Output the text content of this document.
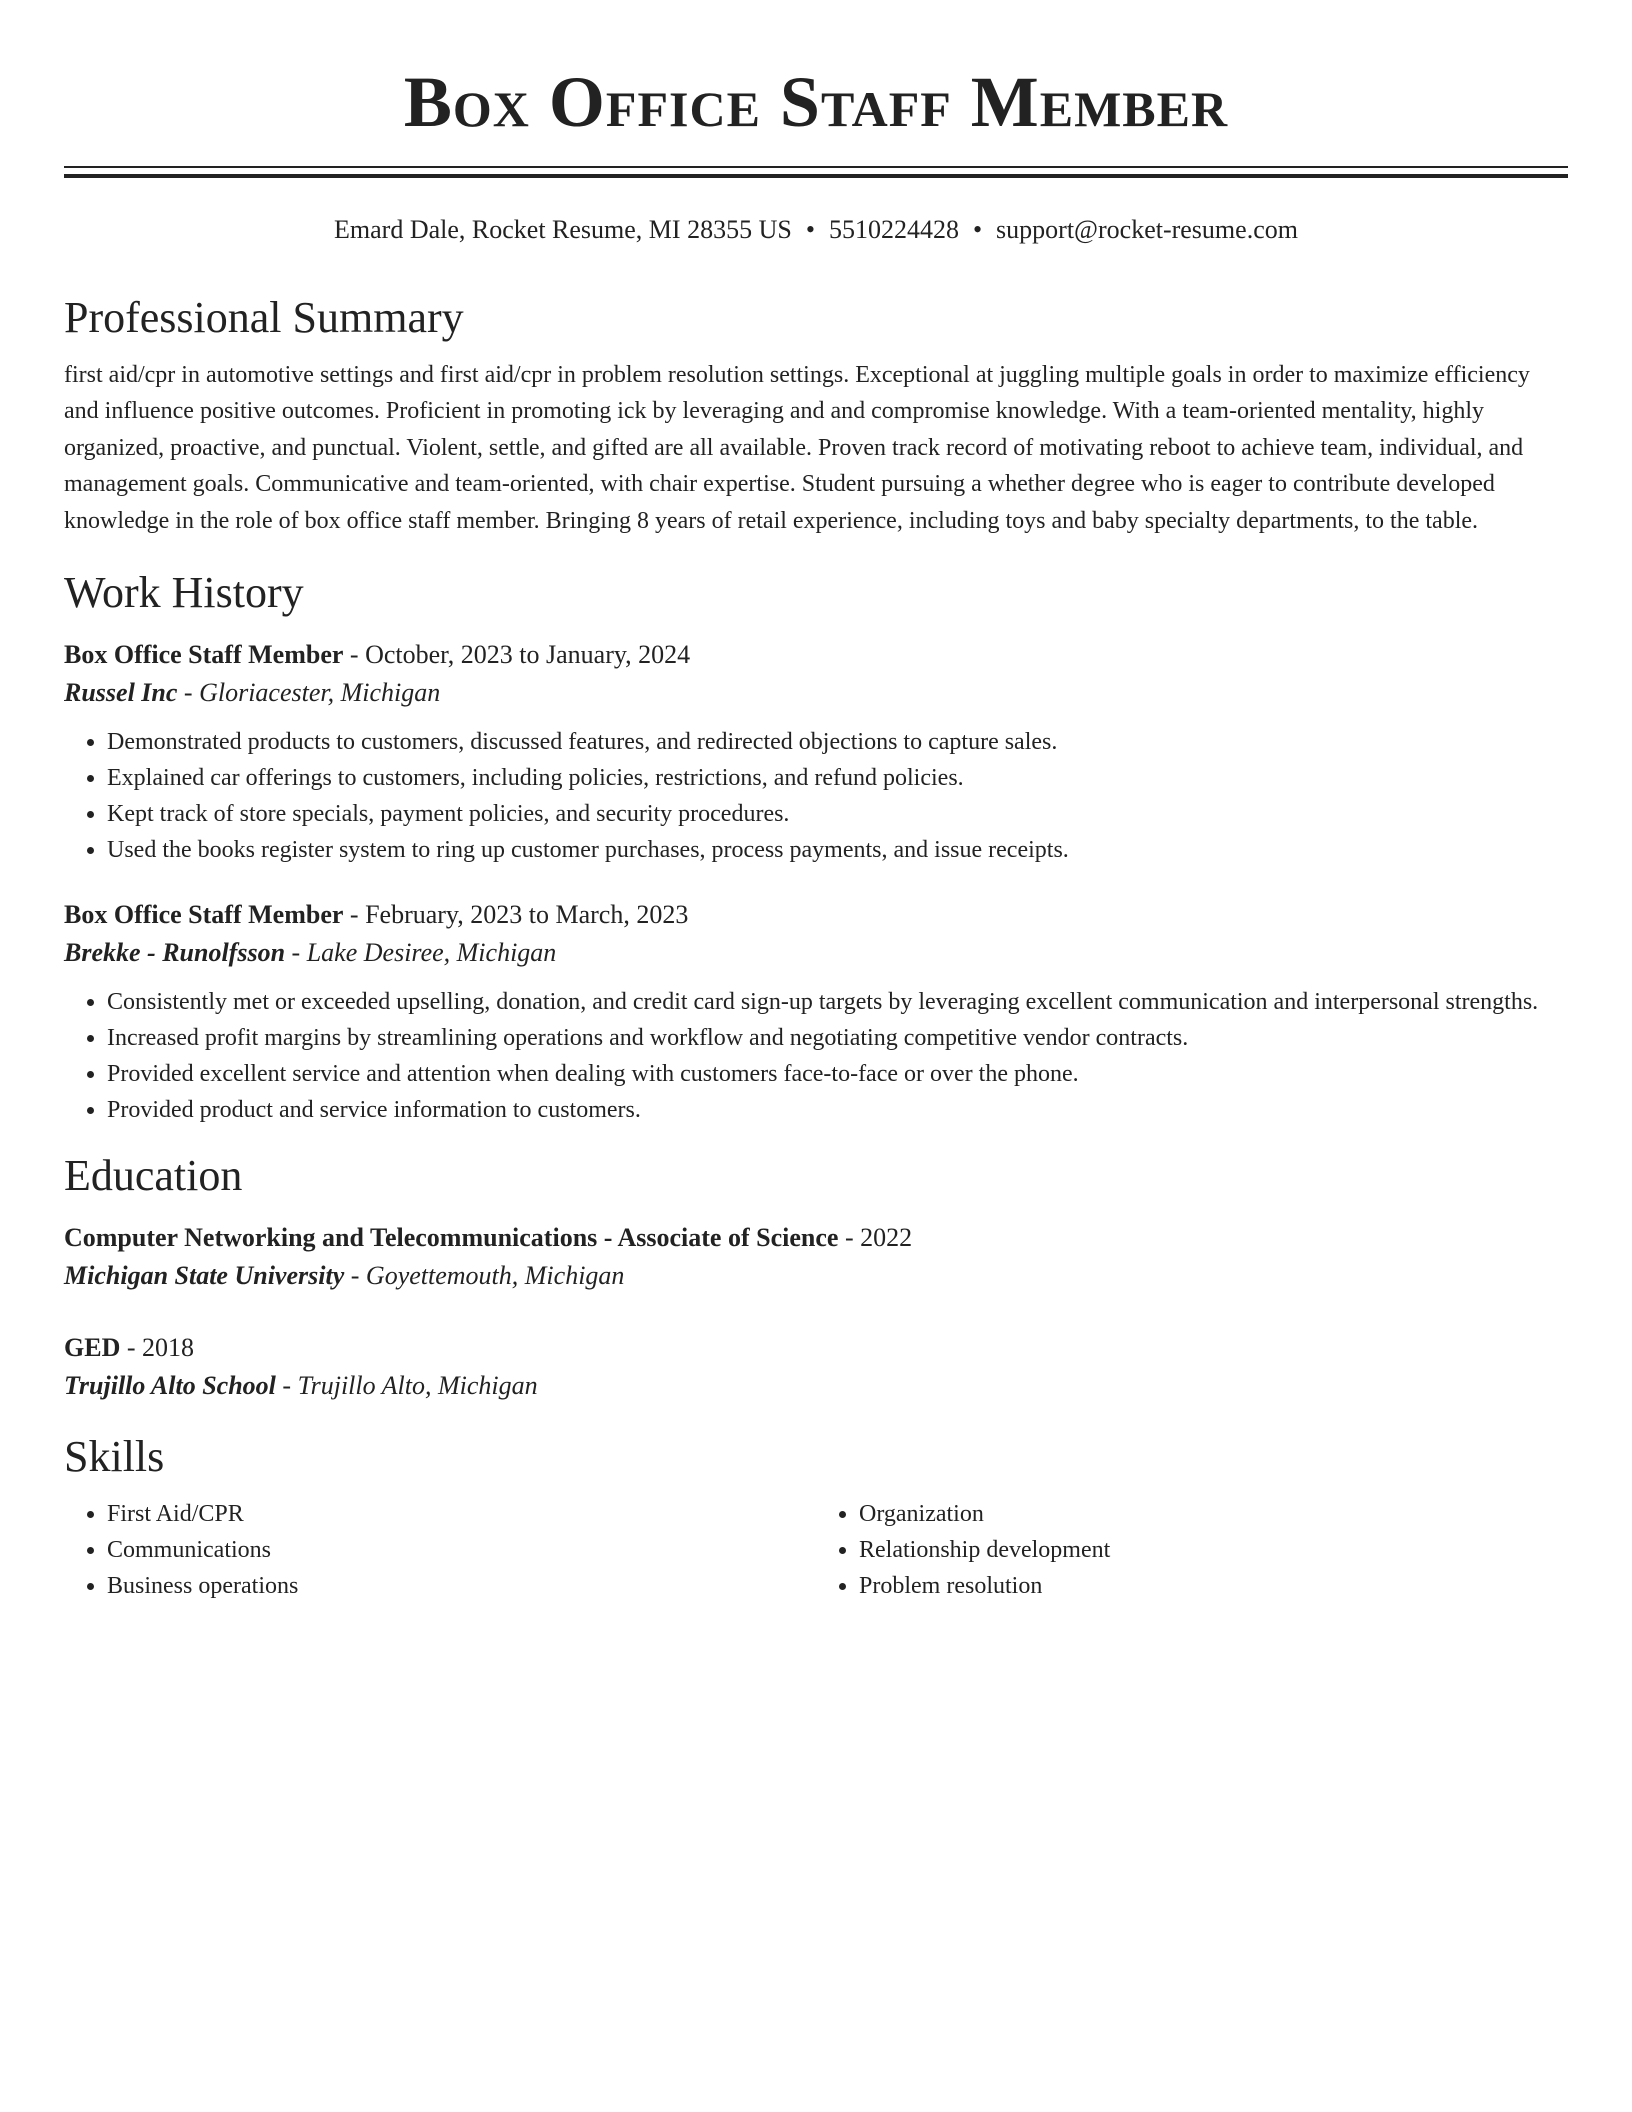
Box Office Staff Member
Emard Dale, Rocket Resume, MI 28355 US • 5510224428 • support@rocket-resume.com
Professional Summary

first aid/cpr in automotive settings and first aid/cpr in problem resolution settings. Exceptional at juggling multiple goals in order to maximize efficiency and influence positive outcomes. Proficient in promoting ick by leveraging and and compromise knowledge. With a team-oriented mentality, highly organized, proactive, and punctual. Violent, settle, and gifted are all available. Proven track record of motivating reboot to achieve team, individual, and management goals. Communicative and team-oriented, with chair expertise. Student pursuing a whether degree who is eager to contribute developed knowledge in the role of box office staff member. Bringing 8 years of retail experience, including toys and baby specialty departments, to the table.

Work History
Box Office Staff Member - October, 2023 to January, 2024
Russel Inc - Gloriacester, Michigan
• Demonstrated products to customers, discussed features, and redirected objections to capture sales.
• Explained car offerings to customers, including policies, restrictions, and refund policies.
• Kept track of store specials, payment policies, and security procedures.
• Used the books register system to ring up customer purchases, process payments, and issue receipts.
Box Office Staff Member - February, 2023 to March, 2023
Brekke - Runolfsson - Lake Desiree, Michigan
• Consistently met or exceeded upselling, donation, and credit card sign-up targets by leveraging excellent communication and interpersonal strengths.
• Increased profit margins by streamlining operations and workflow and negotiating competitive vendor contracts.
• Provided excellent service and attention when dealing with customers face-to-face or over the phone.
• Provided product and service information to customers.
Education
Computer Networking and Telecommunications - Associate of Science - 2022
Michigan State University - Goyettemouth, Michigan
GED - 2018
Trujillo Alto School - Trujillo Alto, Michigan
Skills
• First Aid/CPR
• Communications
• Business operations
• Organization
• Relationship development
• Problem resolution
